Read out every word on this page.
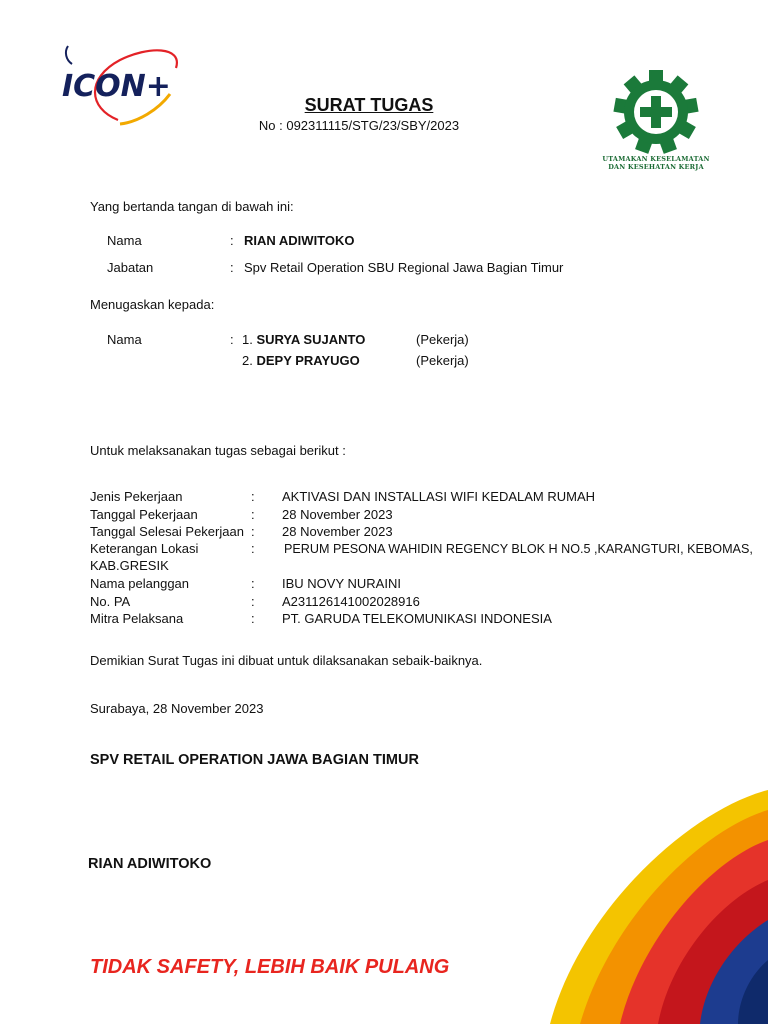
ICON+
SURAT TUGAS
No : 092311115/STG/23/SBY/2023
UTAMAKAN KESELAMATAN
DAN KESEHATAN KERJA
Yang bertanda tangan di bawah ini:
Nama	: RIAN ADIWITOKO
Jabatan	: Spv Retail Operation SBU Regional Jawa Bagian Timur
Menugaskan kepada:
Nama	: 1. SURYA SUJANTO	(Pekerja)
2. DEPY PRAYUGO	(Pekerja)
Untuk melaksanakan tugas sebagai berikut :
Jenis Pekerjaan	: AKTIVASI DAN INSTALLASI WIFI KEDALAM RUMAH
Tanggal Pekerjaan	: 28 November 2023
Tanggal Selesai Pekerjaan : 28 November 2023
Keterangan Lokasi	: PERUM PESONA WAHIDIN REGENCY BLOK H NO.5 ,KARANGTURI, KEBOMAS,
KAB.GRESIK
Nama pelanggan	: IBU NOVY NURAINI
No. PA	: A231126141002028916
Mitra Pelaksana	: PT. GARUDA TELEKOMUNIKASI INDONESIA
Demikian Surat Tugas ini dibuat untuk dilaksanakan sebaik-baiknya.
Surabaya, 28 November 2023
SPV RETAIL OPERATION JAWA BAGIAN TIMUR
RIAN ADIWITOKO
TIDAK SAFETY, LEBIH BAIK PULANG
